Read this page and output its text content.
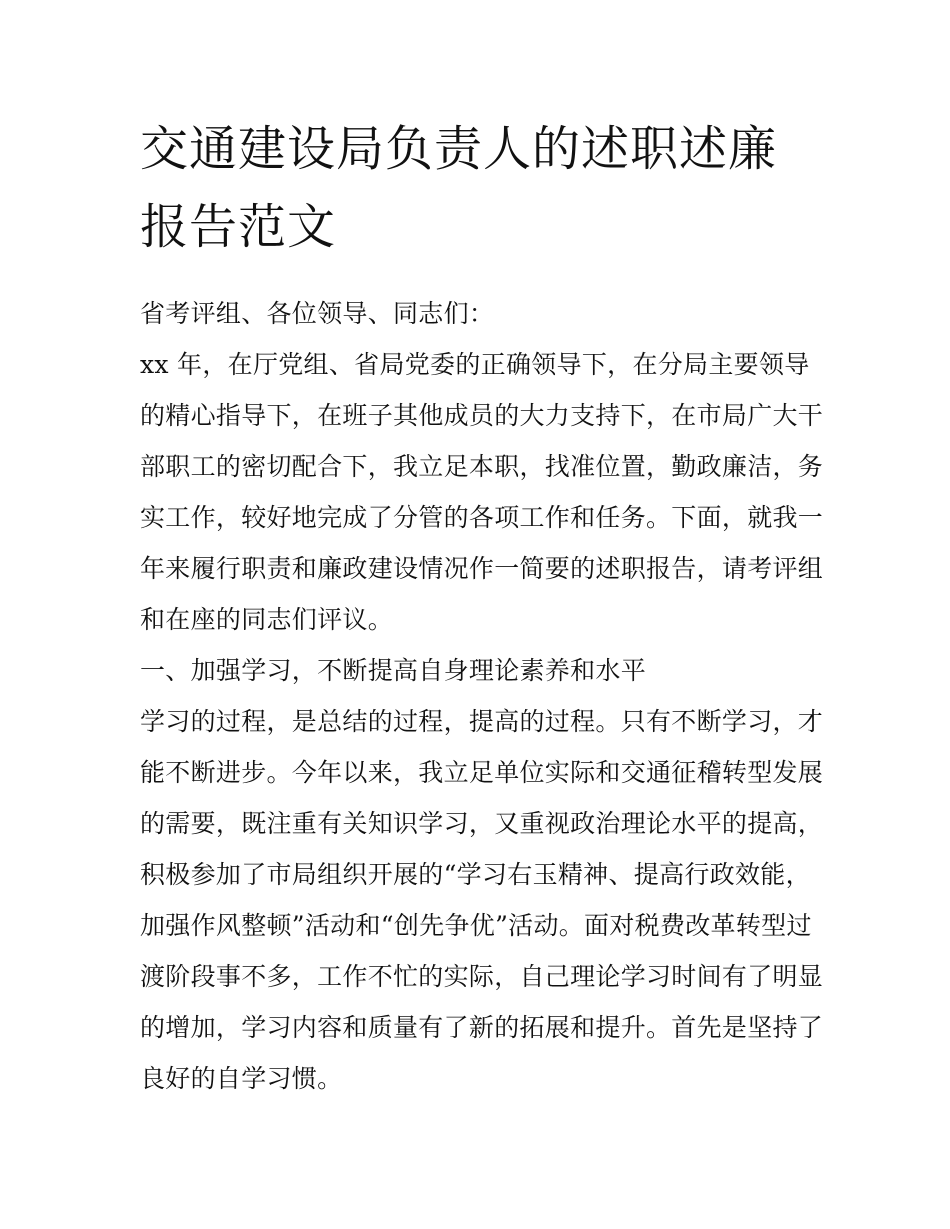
交通建设局负责人的述职述廉
报告范文
省考评组、各位领导、同志们：
xx 年，在厅党组、省局党委的正确领导下，在分局主要领导
的精心指导下，在班子其他成员的大力支持下，在市局广大干
部职工的密切配合下，我立足本职，找准位置，勤政廉洁，务
实工作，较好地完成了分管的各项工作和任务。下面，就我一
年来履行职责和廉政建设情况作一简要的述职报告，请考评组
和在座的同志们评议。
一、加强学习，不断提高自身理论素养和水平
学习的过程，是总结的过程，提高的过程。只有不断学习，才
能不断进步。今年以来，我立足单位实际和交通征稽转型发展
的需要，既注重有关知识学习，又重视政治理论水平的提高，
积极参加了市局组织开展的“学习右玉精神、提高行政效能，
加强作风整顿”活动和“创先争优”活动。面对税费改革转型过
渡阶段事不多，工作不忙的实际，自己理论学习时间有了明显
的增加，学习内容和质量有了新的拓展和提升。首先是坚持了
良好的自学习惯。
